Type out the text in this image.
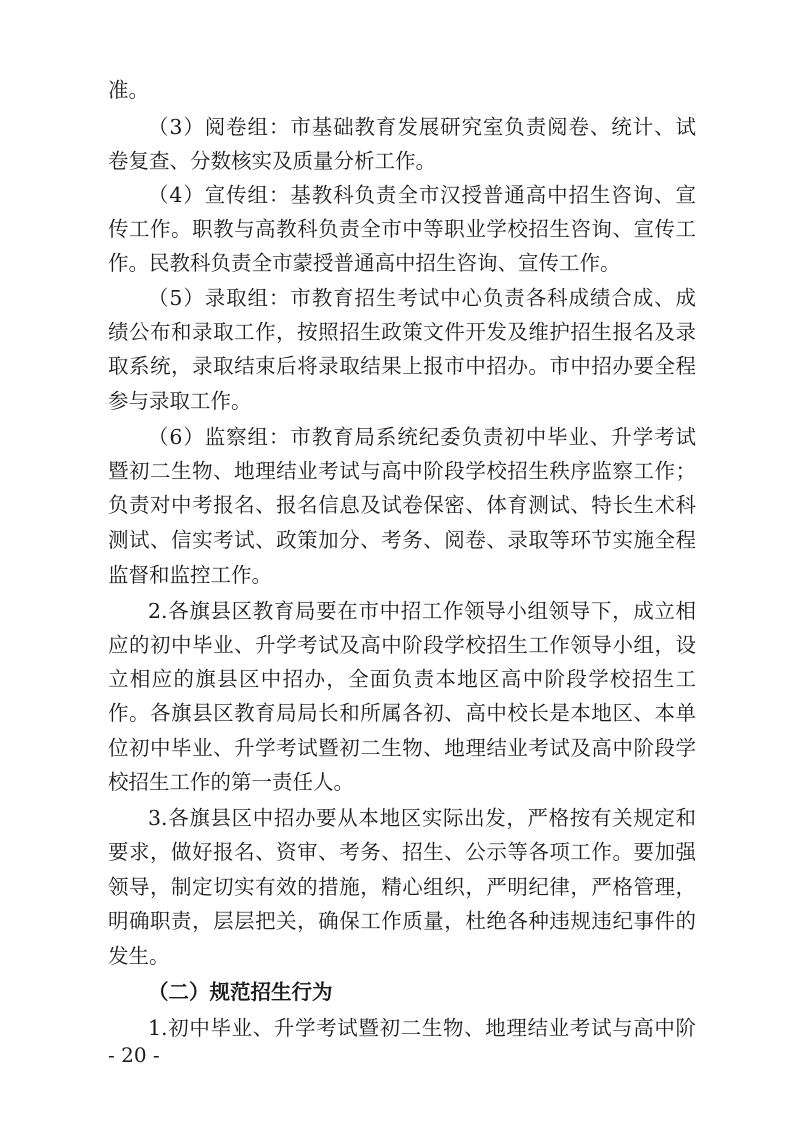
准。
（3）阅卷组：市基础教育发展研究室负责阅卷、统计、试
卷复查、分数核实及质量分析工作。
（4）宣传组：基教科负责全市汉授普通高中招生咨询、宣
传工作。职教与高教科负责全市中等职业学校招生咨询、宣传工
作。民教科负责全市蒙授普通高中招生咨询、宣传工作。
（5）录取组：市教育招生考试中心负责各科成绩合成、成
绩公布和录取工作，按照招生政策文件开发及维护招生报名及录
取系统，录取结束后将录取结果上报市中招办。市中招办要全程
参与录取工作。
（6）监察组：市教育局系统纪委负责初中毕业、升学考试
暨初二生物、地理结业考试与高中阶段学校招生秩序监察工作；
负责对中考报名、报名信息及试卷保密、体育测试、特长生术科
测试、信实考试、政策加分、考务、阅卷、录取等环节实施全程
监督和监控工作。
2.各旗县区教育局要在市中招工作领导小组领导下，成立相
应的初中毕业、升学考试及高中阶段学校招生工作领导小组，设
立相应的旗县区中招办，全面负责本地区高中阶段学校招生工
作。各旗县区教育局局长和所属各初、高中校长是本地区、本单
位初中毕业、升学考试暨初二生物、地理结业考试及高中阶段学
校招生工作的第一责任人。
3.各旗县区中招办要从本地区实际出发，严格按有关规定和
要求，做好报名、资审、考务、招生、公示等各项工作。要加强
领导，制定切实有效的措施，精心组织，严明纪律，严格管理，
明确职责，层层把关，确保工作质量，杜绝各种违规违纪事件的
发生。
（二）规范招生行为
1.初中毕业、升学考试暨初二生物、地理结业考试与高中阶
- 20 -
